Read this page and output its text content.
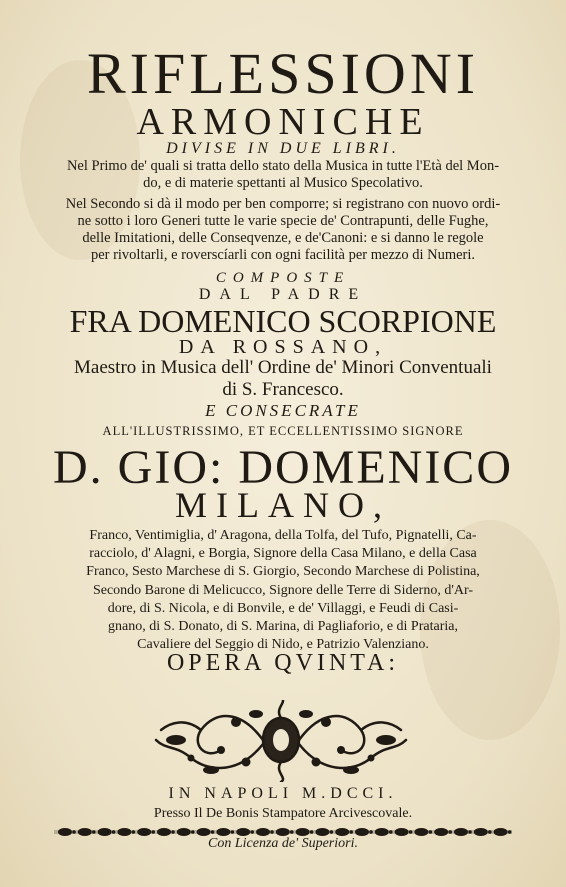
RIFLESSIONI
ARMONICHE
DIVISE IN DUE LIBRI.
Nel Primo de' quali si tratta dello stato della Musica in tutte l'Età del Mon-
do, e di materie spettanti al Musico Specolativo.
Nel Secondo si dà il modo per ben comporre; si registrano con nuovo ordi-
ne sotto i loro Generi tutte le varie specie de' Contrapunti, delle Fughe,
delle Imitationi, delle Conseqvenze, e de'Canoni: e si danno le regole
per rivoltarli, e roverscíarli con ogni facilità per mezzo di Numeri.
COMPOSTE
DAL PADRE
FRA DOMENICO SCORPIONE
DA ROSSANO,
Maestro in Musica dell' Ordine de' Minori Conventuali
di S. Francesco.
E CONSECRATE
ALL'ILLUSTRISSIMO, ET ECCELLENTISSIMO SIGNORE
D. GIO: DOMENICO
MILANO,
Franco, Ventimiglia, d' Aragona, della Tolfa, del Tufo, Pignatelli, Ca-
racciolo, d' Alagni, e Borgia, Signore della Casa Milano, e della Casa
Franco, Sesto Marchese di S. Giorgio, Secondo Marchese di Polistina,
Secondo Barone di Melicucco, Signore delle Terre di Siderno, d'Ar-
dore, di S. Nicola, e di Bonvile, e de' Villaggi, e Feudi di Casi-
gnano, di S. Donato, di S. Marina, di Pagliaforio, e di Prataria,
Cavaliere del Seggio di Nido, e Patrizio Valenziano.
OPERA QVINTA:
IN NAPOLI M.DCCI.
Presso Il De Bonis Stampatore Arcivescovale.
Con Licenza de' Superiori.
